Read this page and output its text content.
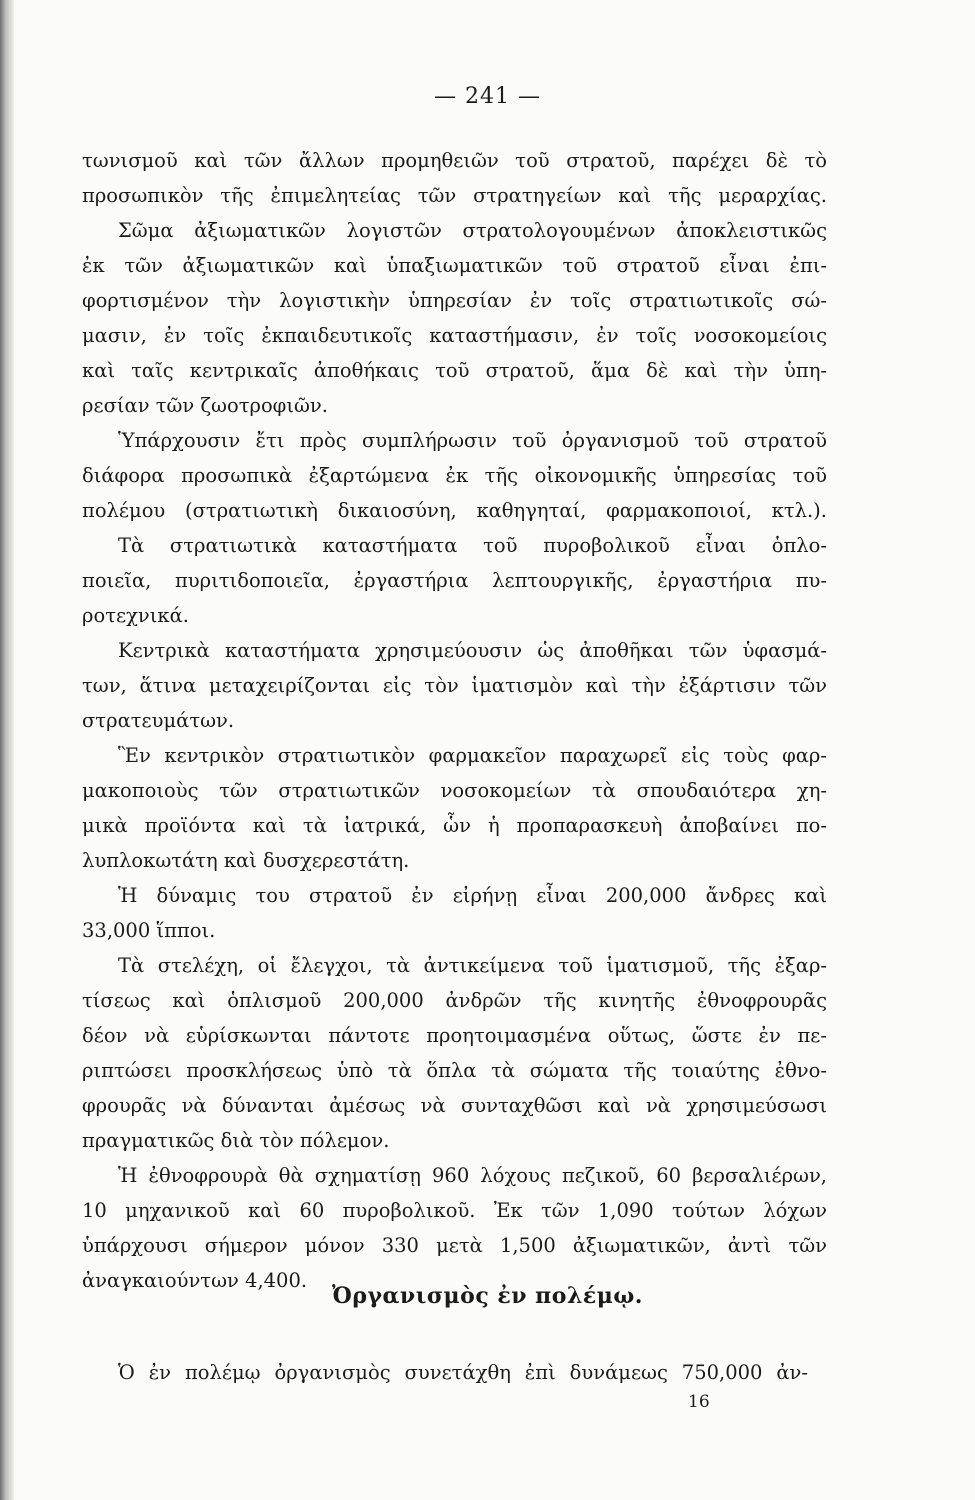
— 241 —
τωνισμοῦ καὶ τῶν ἄλλων προμηθειῶν τοῦ στρατοῦ, παρέχει δὲ τὸ
προσωπικὸν τῆς ἐπιμελητείας τῶν στρατηγείων καὶ τῆς μεραρχίας.
Σῶμα ἀξιωματικῶν λογιστῶν στρατολογουμένων ἀποκλειστικῶς
ἐκ τῶν ἀξιωματικῶν καὶ ὑπαξιωματικῶν τοῦ στρατοῦ εἶναι ἐπι-
φορτισμένον τὴν λογιστικὴν ὑπηρεσίαν ἐν τοῖς στρατιωτικοῖς σώ-
μασιν, ἐν τοῖς ἐκπαιδευτικοῖς καταστήμασιν, ἐν τοῖς νοσοκομείοις
καὶ ταῖς κεντρικαῖς ἀποθήκαις τοῦ στρατοῦ, ἅμα δὲ καὶ τὴν ὑπη-
ρεσίαν τῶν ζωοτροφιῶν.
Ὑπάρχουσιν ἔτι πρὸς συμπλήρωσιν τοῦ ὀργανισμοῦ τοῦ στρατοῦ
διάφορα προσωπικὰ ἐξαρτώμενα ἐκ τῆς οἰκονομικῆς ὑπηρεσίας τοῦ
πολέμου (στρατιωτικὴ δικαιοσύνη, καθηγηταί, φαρμακοποιοί, κτλ.).
Τὰ στρατιωτικὰ καταστήματα τοῦ πυροβολικοῦ εἶναι ὁπλο-
ποιεῖα, πυριτιδοποιεῖα, ἐργαστήρια λεπτουργικῆς, ἐργαστήρια πυ-
ροτεχνικά.
Κεντρικὰ καταστήματα χρησιμεύουσιν ὡς ἀποθῆκαι τῶν ὑφασμά-
των, ἅτινα μεταχειρίζονται εἰς τὸν ἱματισμὸν καὶ τὴν ἐξάρτισιν τῶν
στρατευμάτων.
Ἓν κεντρικὸν στρατιωτικὸν φαρμακεῖον παραχωρεῖ εἰς τοὺς φαρ-
μακοποιοὺς τῶν στρατιωτικῶν νοσοκομείων τὰ σπουδαιότερα χη-
μικὰ προϊόντα καὶ τὰ ἰατρικά, ὧν ἡ προπαρασκευὴ ἀποβαίνει πο-
λυπλοκωτάτη καὶ δυσχερεστάτη.
Ἡ δύναμις του στρατοῦ ἐν εἰρήνῃ εἶναι 200,000 ἄνδρες καὶ
33,000 ἵπποι.
Τὰ στελέχη, οἱ ἔλεγχοι, τὰ ἀντικείμενα τοῦ ἱματισμοῦ, τῆς ἐξαρ-
τίσεως καὶ ὁπλισμοῦ 200,000 ἀνδρῶν τῆς κινητῆς ἐθνοφρουρᾶς
δέον νὰ εὑρίσκωνται πάντοτε προητοιμασμένα οὕτως, ὥστε ἐν πε-
ριπτώσει προσκλήσεως ὑπὸ τὰ ὅπλα τὰ σώματα τῆς τοιαύτης ἐθνο-
φρουρᾶς νὰ δύνανται ἀμέσως νὰ συνταχθῶσι καὶ νὰ χρησιμεύσωσι
πραγματικῶς διὰ τὸν πόλεμον.
Ἡ ἐθνοφρουρὰ θὰ σχηματίσῃ 960 λόχους πεζικοῦ, 60 βερσαλιέρων,
10 μηχανικοῦ καὶ 60 πυροβολικοῦ. Ἐκ τῶν 1,090 τούτων λόχων
ὑπάρχουσι σήμερον μόνον 330 μετὰ 1,500 ἀξιωματικῶν, ἀντὶ τῶν
ἀναγκαιούντων 4,400.
Ὀργανισμὸς ἐν πολέμῳ.
Ὁ ἐν πολέμῳ ὀργανισμὸς συνετάχθη ἐπὶ δυνάμεως 750,000 ἀν-
16
